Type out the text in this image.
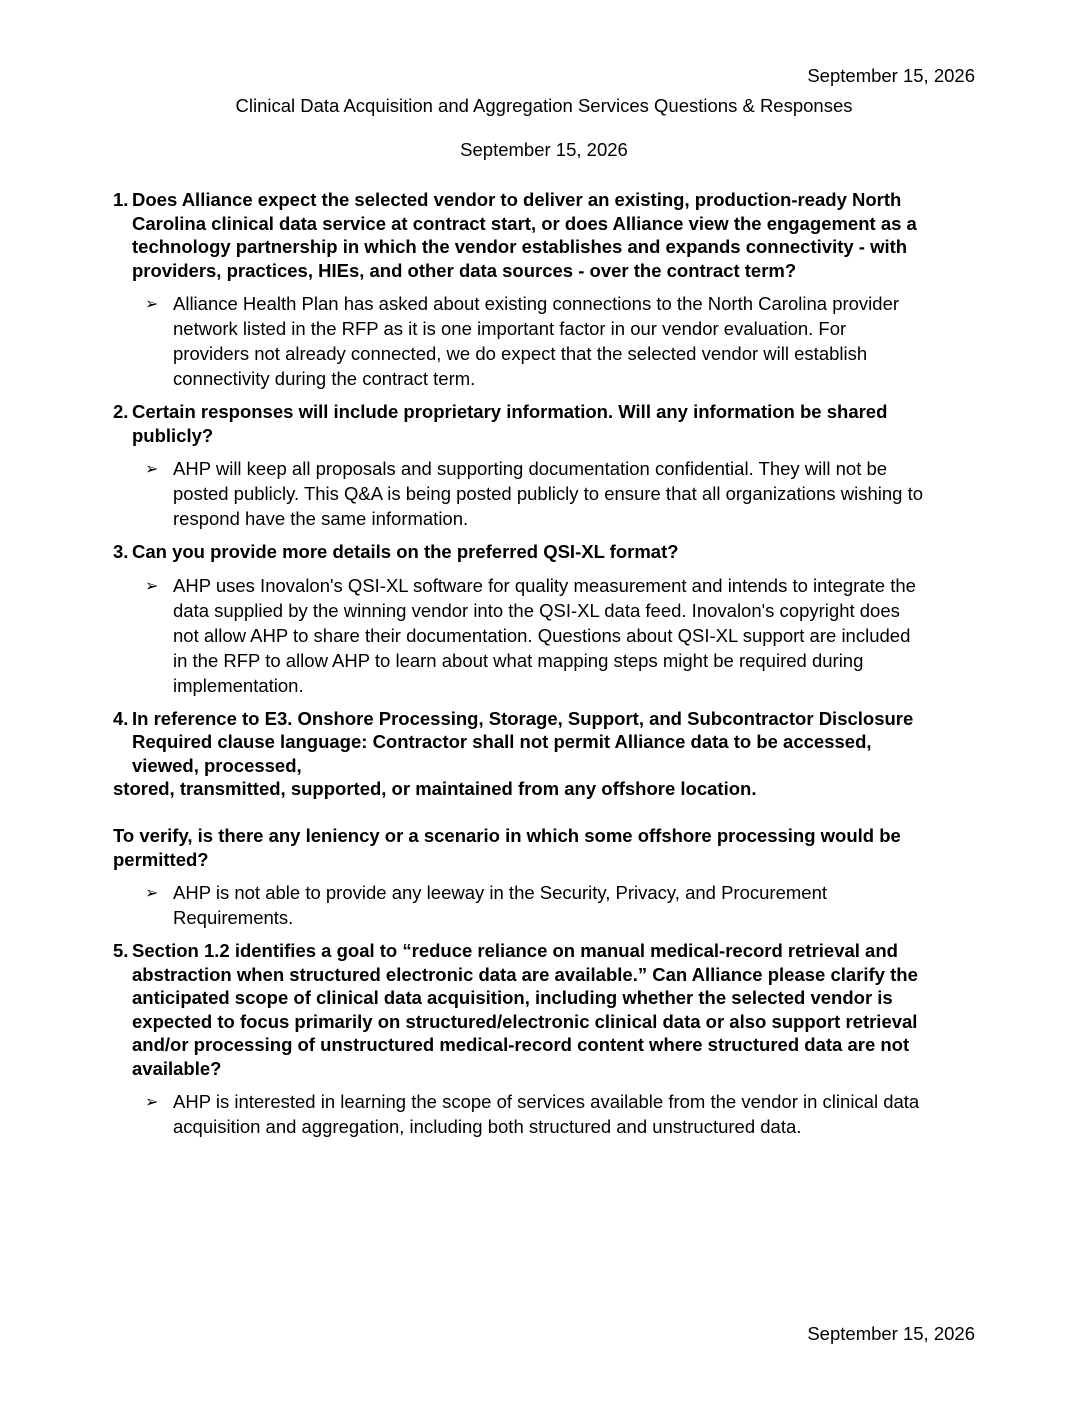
September 15, 2026
Clinical Data Acquisition and Aggregation Services Questions & Responses
September 15, 2026
1. Does Alliance expect the selected vendor to deliver an existing, production-ready North
Carolina clinical data service at contract start, or does Alliance view the engagement as a
technology partnership in which the vendor establishes and expands connectivity - with
providers, practices, HIEs, and other data sources - over the contract term?
➢ Alliance Health Plan has asked about existing connections to the North Carolina provider
network listed in the RFP as it is one important factor in our vendor evaluation. For
providers not already connected, we do expect that the selected vendor will establish
connectivity during the contract term.
2. Certain responses will include proprietary information. Will any information be shared
publicly?
➢ AHP will keep all proposals and supporting documentation confidential. They will not be
posted publicly. This Q&A is being posted publicly to ensure that all organizations wishing to
respond have the same information.
3. Can you provide more details on the preferred QSI-XL format?
➢ AHP uses Inovalon's QSI-XL software for quality measurement and intends to integrate the
data supplied by the winning vendor into the QSI-XL data feed. Inovalon's copyright does
not allow AHP to share their documentation. Questions about QSI-XL support are included
in the RFP to allow AHP to learn about what mapping steps might be required during
implementation.
4. In reference to E3. Onshore Processing, Storage, Support, and Subcontractor Disclosure
Required clause language: Contractor shall not permit Alliance data to be accessed,
viewed, processed,
stored, transmitted, supported, or maintained from any offshore location.
To verify, is there any leniency or a scenario in which some offshore processing would be
permitted?
➢ AHP is not able to provide any leeway in the Security, Privacy, and Procurement
Requirements.
5. Section 1.2 identifies a goal to “reduce reliance on manual medical-record retrieval and
abstraction when structured electronic data are available.” Can Alliance please clarify the
anticipated scope of clinical data acquisition, including whether the selected vendor is
expected to focus primarily on structured/electronic clinical data or also support retrieval
and/or processing of unstructured medical-record content where structured data are not
available?
➢ AHP is interested in learning the scope of services available from the vendor in clinical data
acquisition and aggregation, including both structured and unstructured data.
September 15, 2026
